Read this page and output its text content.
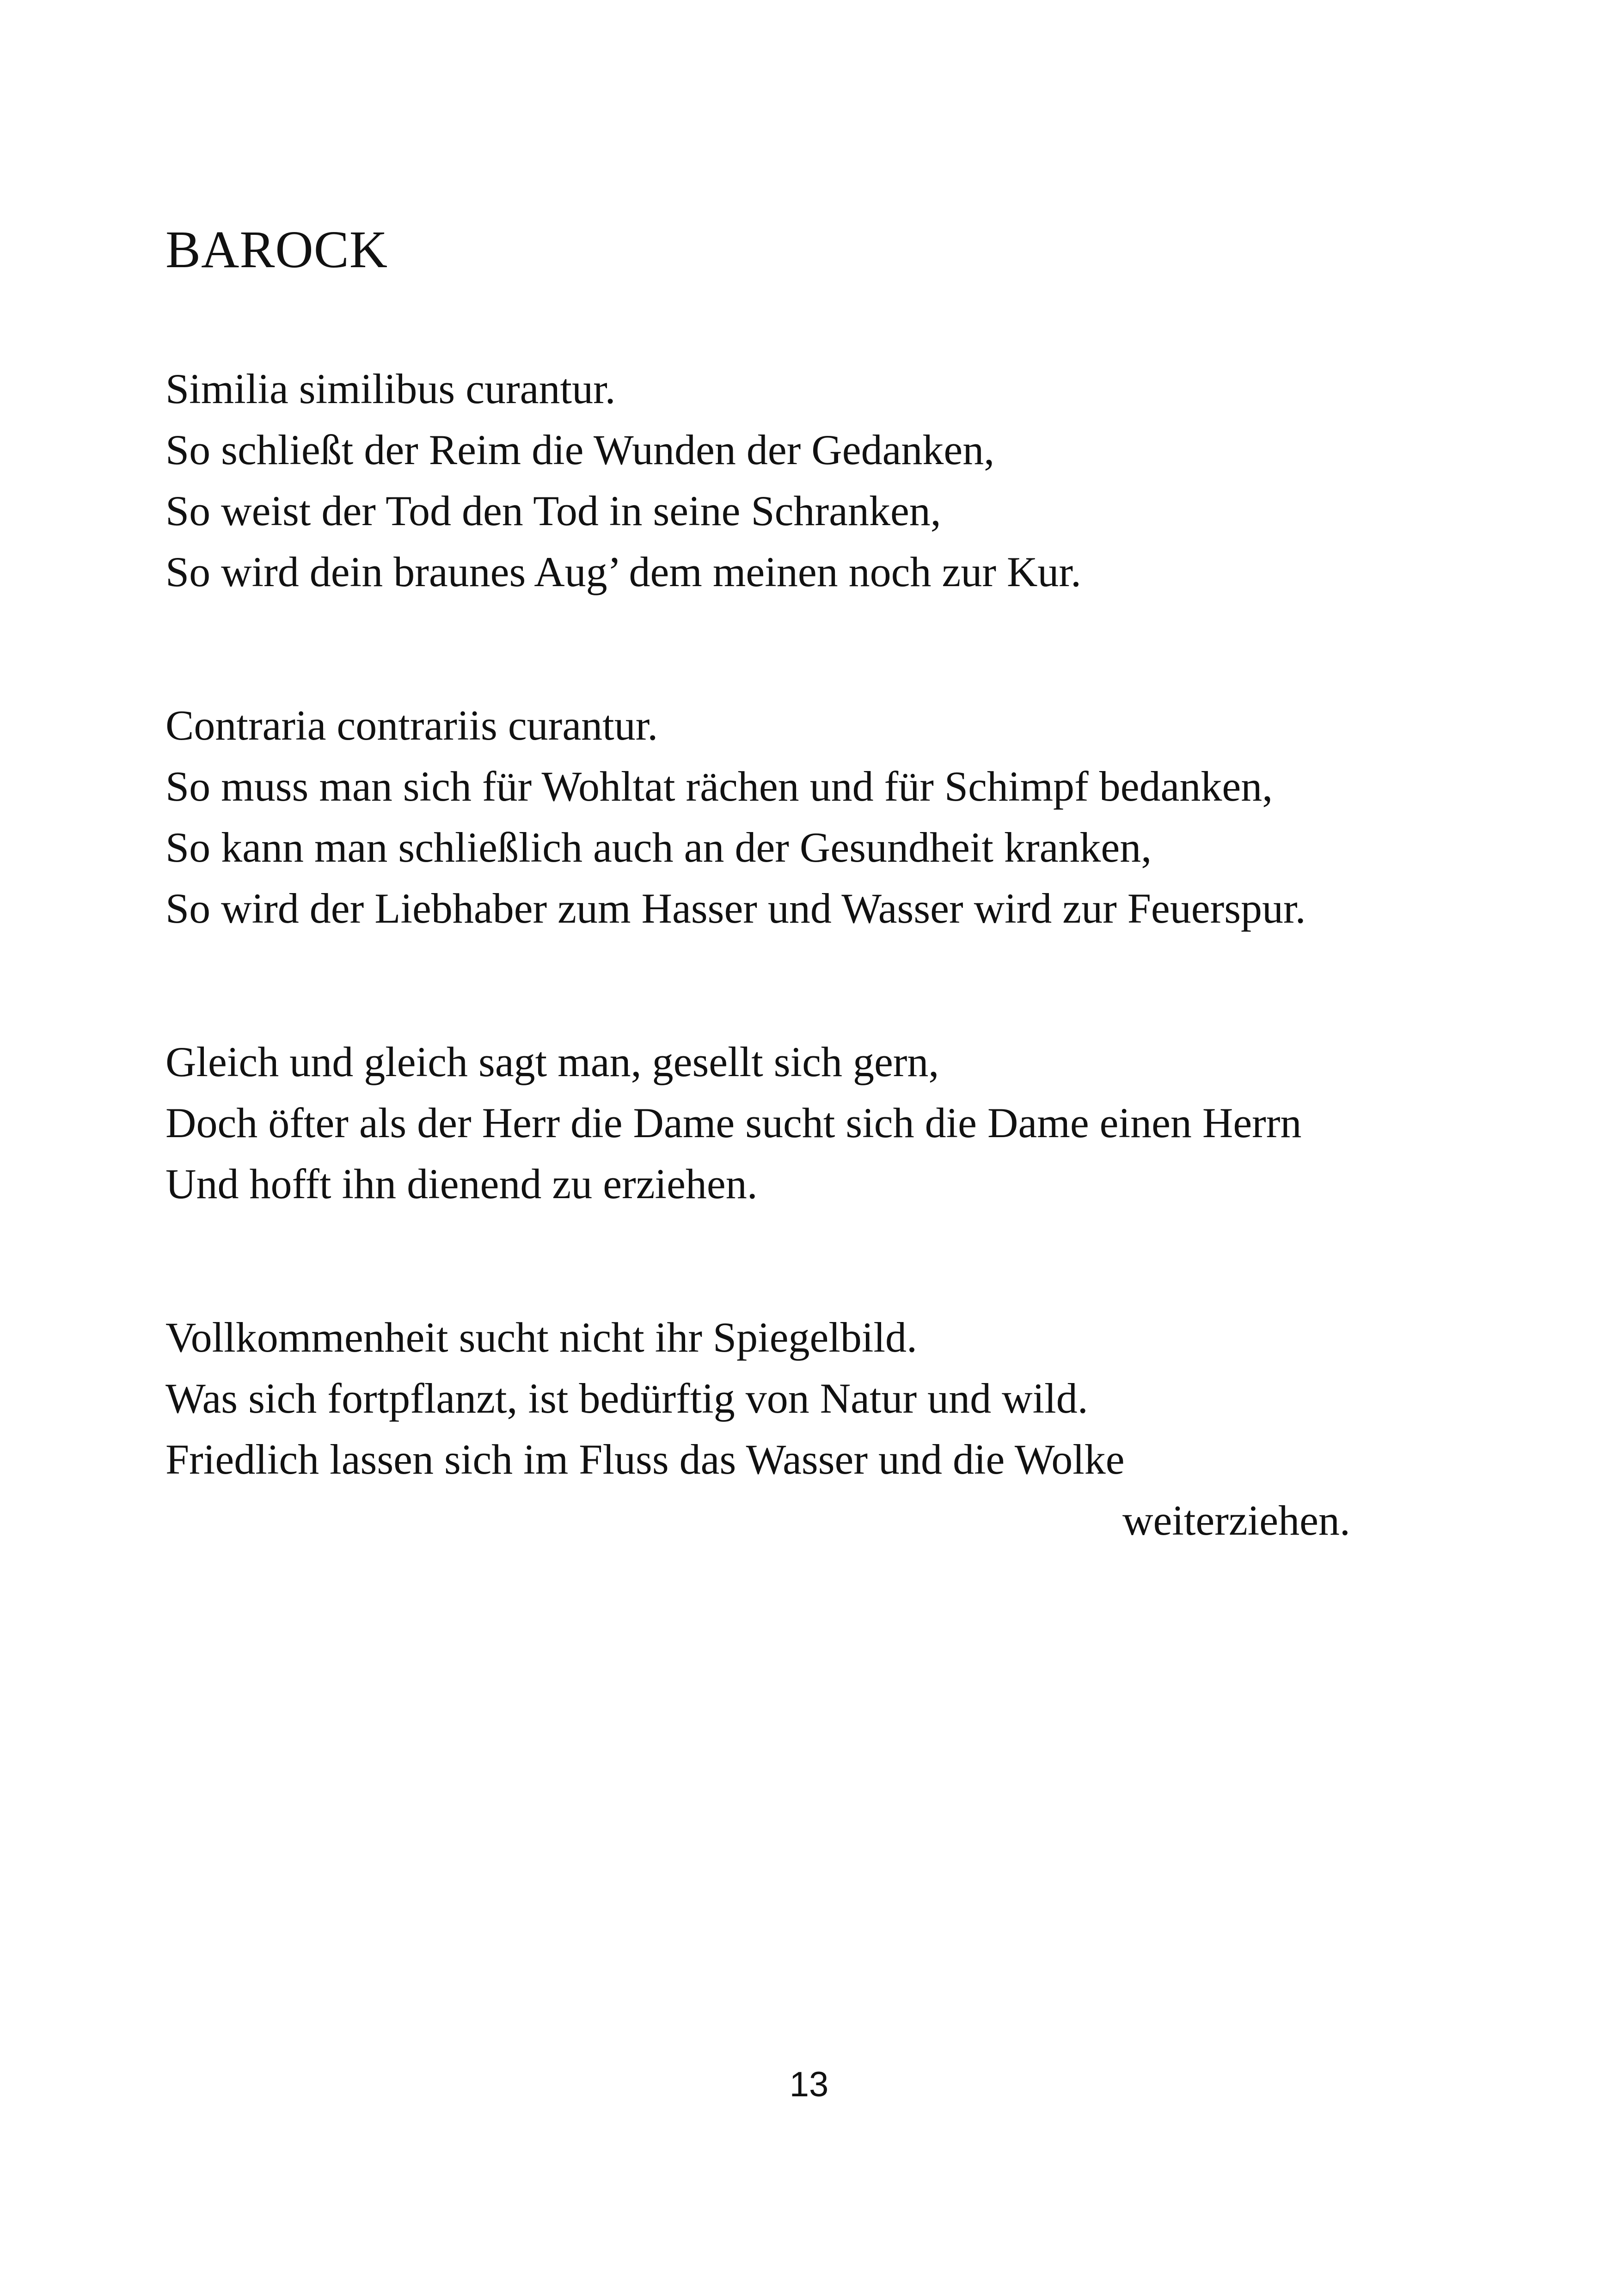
BAROCK
Similia similibus curantur.
So schließt der Reim die Wunden der Gedanken,
So weist der Tod den Tod in seine Schranken,
So wird dein braunes Aug’ dem meinen noch zur Kur.
Contraria contrariis curantur.
So muss man sich für Wohltat rächen und für Schimpf bedanken,
So kann man schließlich auch an der Gesundheit kranken,
So wird der Liebhaber zum Hasser und Wasser wird zur Feuerspur.
Gleich und gleich sagt man, gesellt sich gern,
Doch öfter als der Herr die Dame sucht sich die Dame einen Herrn
Und hofft ihn dienend zu erziehen.
Vollkommenheit sucht nicht ihr Spiegelbild.
Was sich fortpflanzt, ist bedürftig von Natur und wild.
Friedlich lassen sich im Fluss das Wasser und die Wolke
weiterziehen.
13
